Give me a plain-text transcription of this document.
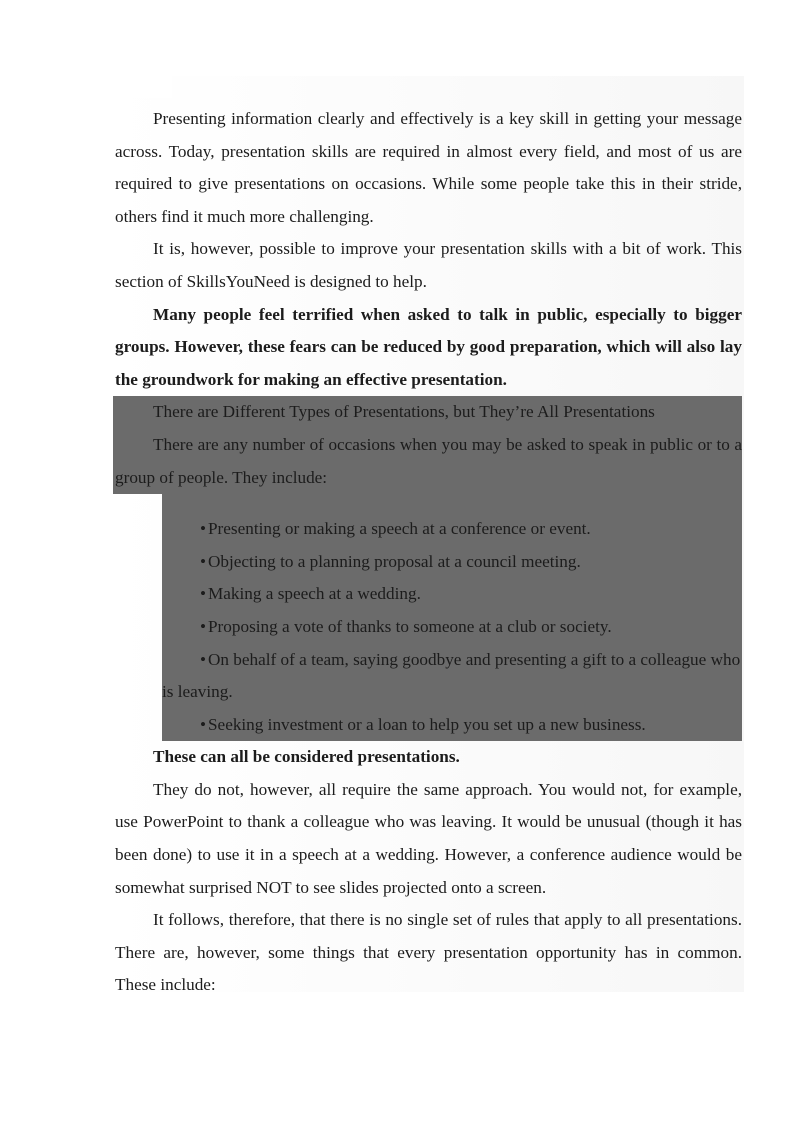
Presenting information clearly and effectively is a key skill in getting your message across. Today, presentation skills are required in almost every field, and most of us are required to give presentations on occasions. While some people take this in their stride, others find it much more challenging.

It is, however, possible to improve your presentation skills with a bit of work. This section of SkillsYouNeed is designed to help.

Many people feel terrified when asked to talk in public, especially to bigger groups. However, these fears can be reduced by good preparation, which will also lay the groundwork for making an effective presentation.

There are Different Types of Presentations, but They’re All Presentations

There are any number of occasions when you may be asked to speak in public or to a group of people. They include:

• Presenting or making a speech at a conference or event.
• Objecting to a planning proposal at a council meeting.
• Making a speech at a wedding.
• Proposing a vote of thanks to someone at a club or society.
• On behalf of a team, saying goodbye and presenting a gift to a colleague who is leaving.
• Seeking investment or a loan to help you set up a new business.

These can all be considered presentations.

They do not, however, all require the same approach. You would not, for example, use PowerPoint to thank a colleague who was leaving. It would be unusual (though it has been done) to use it in a speech at a wedding. However, a conference audience would be somewhat surprised NOT to see slides projected onto a screen.

It follows, therefore, that there is no single set of rules that apply to all presentations. There are, however, some things that every presentation opportunity has in common. These include:
